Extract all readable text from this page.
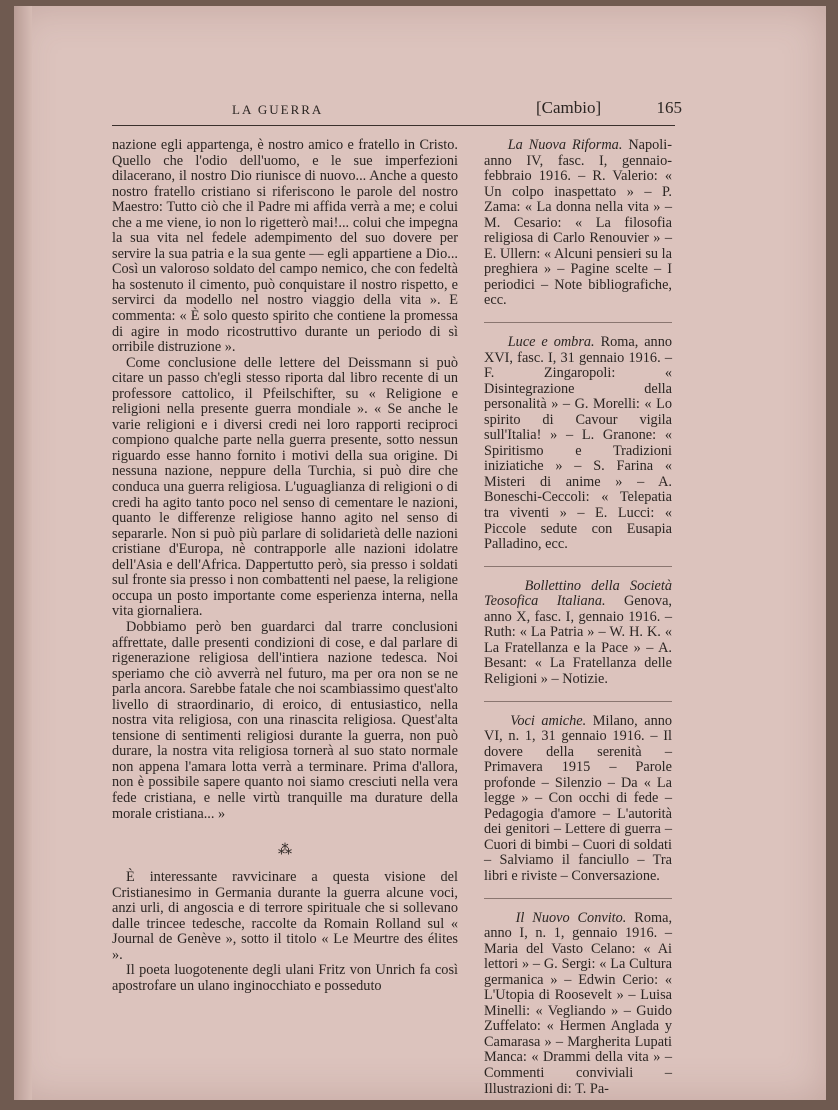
LA GUERRA	[Cambio]	165

nazione egli appartenga, è nostro amico e fratello in Cristo. Quello che l'odio dell'uomo, e le sue imperfezioni dilacerano, il nostro Dio riunisce di nuovo... Anche a questo nostro fratello cristiano si riferiscono le parole del nostro Maestro: Tutto ciò che il Padre mi affida verrà a me; e colui che a me viene, io non lo rigetterò mai!... colui che impegna la sua vita nel fedele adempimento del suo dovere per servire la sua patria e la sua gente — egli appartiene a Dio... Così un valoroso soldato del campo nemico, che con fedeltà ha sostenuto il cimento, può conquistare il nostro rispetto, e servirci da modello nel nostro viaggio della vita ». E commenta: « È solo questo spirito che contiene la promessa di agire in modo ricostruttivo durante un periodo di sì orribile distruzione ».

Come conclusione delle lettere del Deissmann si può citare un passo ch'egli stesso riporta dal libro recente di un professore cattolico, il Pfeilschifter, su « Religione e religioni nella presente guerra mondiale ». « Se anche le varie religioni e i diversi credi nei loro rapporti reciproci compiono qualche parte nella guerra presente, sotto nessun riguardo esse hanno fornito i motivi della sua origine. Di nessuna nazione, neppure della Turchia, si può dire che conduca una guerra religiosa. L'uguaglianza di religioni o di credi ha agito tanto poco nel senso di cementare le nazioni, quanto le differenze religiose hanno agito nel senso di separarle. Non si può più parlare di solidarietà delle nazioni cristiane d'Europa, nè contrapporle alle nazioni idolatre dell'Asia e dell'Africa. Dappertutto però, sia presso i soldati sul fronte sia presso i non combattenti nel paese, la religione occupa un posto importante come esperienza interna, nella vita giornaliera.

Dobbiamo però ben guardarci dal trarre conclusioni affrettate, dalle presenti condizioni di cose, e dal parlare di rigenerazione religiosa dell'intiera nazione tedesca. Noi speriamo che ciò avverrà nel futuro, ma per ora non se ne parla ancora. Sarebbe fatale che noi scambiassimo quest'alto livello di straordinario, di eroico, di entusiastico, nella nostra vita religiosa, con una rinascita religiosa. Quest'alta tensione di sentimenti religiosi durante la guerra, non può durare, la nostra vita religiosa tornerà al suo stato normale non appena l'amara lotta verrà a terminare. Prima d'allora, non è possibile sapere quanto noi siamo cresciuti nella vera fede cristiana, e nelle virtù tranquille ma durature della morale cristiana... »

⁂

È interessante ravvicinare a questa visione del Cristianesimo in Germania durante la guerra alcune voci, anzi urli, di angoscia e di terrore spirituale che si sollevano dalle trincee tedesche, raccolte da Romain Rolland sul « Journal de Genève », sotto il titolo « Le Meurtre des élites ».

Il poeta luogotenente degli ulani Fritz von Unrich fa così apostrofare un ulano inginocchiato e posseduto

La Nuova Riforma. Napoli-anno IV, fasc. I, gennaio-febbraio 1916. – R. Valerio: « Un colpo inaspettato » – P. Zama: « La donna nella vita » – M. Cesario: « La filosofia religiosa di Carlo Renouvier » – E. Ullern: « Alcuni pensieri su la preghiera » – Pagine scelte – I periodici – Note bibliografiche, ecc.

Luce e ombra. Roma, anno XVI, fasc. I, 31 gennaio 1916. – F. Zingaropoli: « Disintegrazione della personalità » – G. Morelli: « Lo spirito di Cavour vigila sull'Italia! » – L. Granone: « Spiritismo e Tradizioni iniziatiche » – S. Farina « Misteri di anime » – A. Boneschi-Ceccoli: « Telepatia tra viventi » – E. Lucci: « Piccole sedute con Eusapia Palladino, ecc.

Bollettino della Società Teosofica Italiana. Genova, anno X, fasc. I, gennaio 1916. – Ruth: « La Patria » – W. H. K. « La Fratellanza e la Pace » – A. Besant: « La Fratellanza delle Religioni » – Notizie.

Voci amiche. Milano, anno VI, n. 1, 31 gennaio 1916. – Il dovere della serenità – Primavera 1915 – Parole profonde – Silenzio – Da « La legge » – Con occhi di fede – Pedagogia d'amore – L'autorità dei genitori – Lettere di guerra – Cuori di bimbi – Cuori di soldati – Salviamo il fanciullo – Tra libri e riviste – Conversazione.

Il Nuovo Convito. Roma, anno I, n. 1, gennaio 1916. – Maria del Vasto Celano: « Ai lettori » – G. Sergi: « La Cultura germanica » – Edwin Cerio: « L'Utopia di Roosevelt » – Luisa Minelli: « Vegliando » – Guido Zuffelato: « Hermen Anglada y Camarasa » – Margherita Lupati Manca: « Drammi della vita » – Commenti conviviali – Illustrazioni di: T. Pa-
